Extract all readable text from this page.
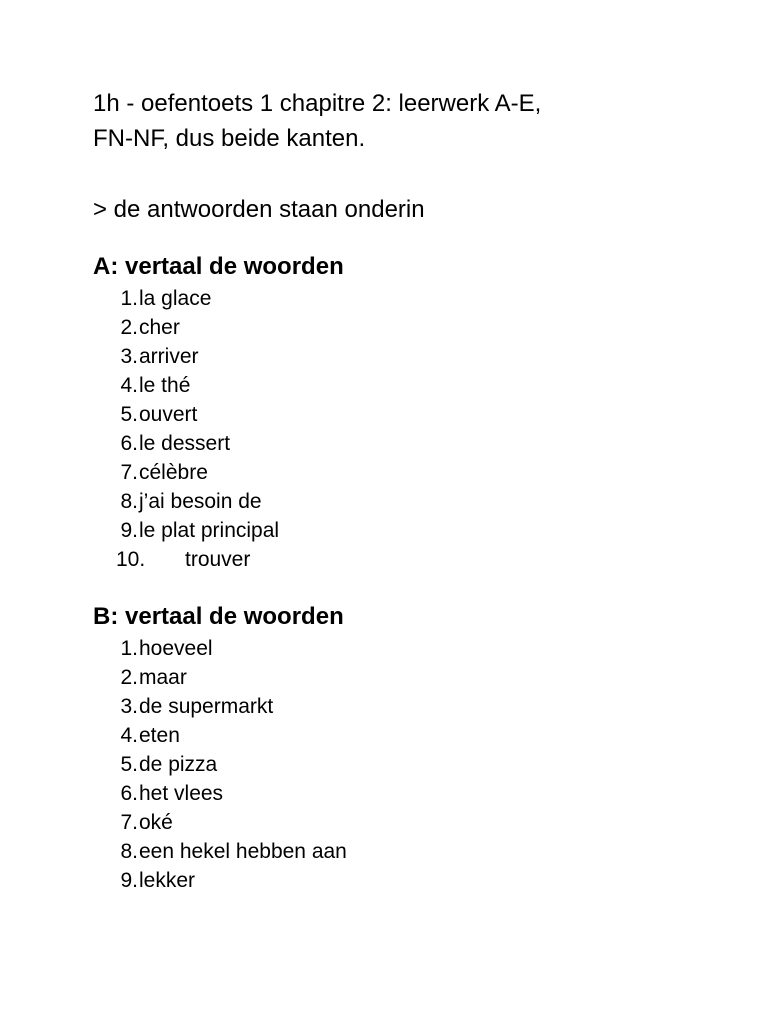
1h - oefentoets 1 chapitre 2: leerwerk A-E,
FN-NF, dus beide kanten.

> de antwoorden staan onderin

A: vertaal de woorden
1. la glace
2. cher
3. arriver
4. le thé
5. ouvert
6. le dessert
7. célèbre
8. j’ai besoin de
9. le plat principal
10.	trouver
B: vertaal de woorden
1. hoeveel
2. maar
3. de supermarkt
4. eten
5. de pizza
6. het vlees
7. oké
8. een hekel hebben aan
9. lekker
